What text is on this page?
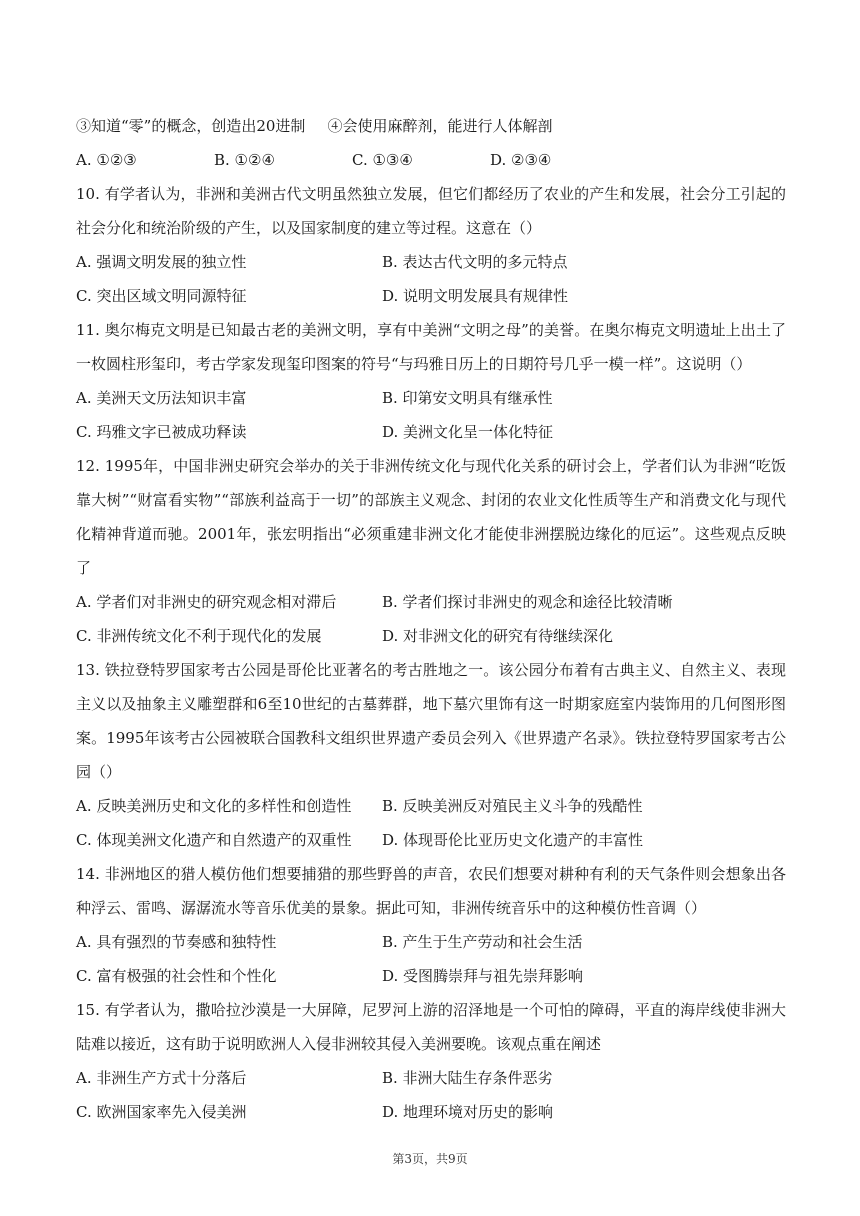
③知道“零”的概念，创造出20进制 ④会使用麻醉剂，能进行人体解剖
A. ①②③	B. ①②④	C. ①③④	D. ②③④
10. 有学者认为，非洲和美洲古代文明虽然独立发展，但它们都经历了农业的产生和发展，社会分工引起的社会分化和统治阶级的产生，以及国家制度的建立等过程。这意在（）
A. 强调文明发展的独立性	B. 表达古代文明的多元特点
C. 突出区域文明同源特征	D. 说明文明发展具有规律性
11. 奥尔梅克文明是已知最古老的美洲文明，享有中美洲“文明之母”的美誉。在奥尔梅克文明遗址上出土了一枚圆柱形玺印，考古学家发现玺印图案的符号“与玛雅日历上的日期符号几乎一模一样”。这说明（）
A. 美洲天文历法知识丰富	B. 印第安文明具有继承性
C. 玛雅文字已被成功释读	D. 美洲文化呈一体化特征
12. 1995年，中国非洲史研究会举办的关于非洲传统文化与现代化关系的研讨会上，学者们认为非洲“吃饭靠大树”“财富看实物”“部族利益高于一切”的部族主义观念、封闭的农业文化性质等生产和消费文化与现代化精神背道而驰。2001年，张宏明指出“必须重建非洲文化才能使非洲摆脱边缘化的厄运”。这些观点反映了
A. 学者们对非洲史的研究观念相对滞后	B. 学者们探讨非洲史的观念和途径比较清晰
C. 非洲传统文化不利于现代化的发展	D. 对非洲文化的研究有待继续深化
13. 铁拉登特罗国家考古公园是哥伦比亚著名的考古胜地之一。该公园分布着有古典主义、自然主义、表现主义以及抽象主义雕塑群和6至10世纪的古墓葬群，地下墓穴里饰有这一时期家庭室内装饰用的几何图形图案。1995年该考古公园被联合国教科文组织世界遗产委员会列入《世界遗产名录》。铁拉登特罗国家考古公园（）
A. 反映美洲历史和文化的多样性和创造性	B. 反映美洲反对殖民主义斗争的残酷性
C. 体现美洲文化遗产和自然遗产的双重性	D. 体现哥伦比亚历史文化遗产的丰富性
14. 非洲地区的猎人模仿他们想要捕猎的那些野兽的声音，农民们想要对耕种有利的天气条件则会想象出各种浮云、雷鸣、潺潺流水等音乐优美的景象。据此可知，非洲传统音乐中的这种模仿性音调（）
A. 具有强烈的节奏感和独特性	B. 产生于生产劳动和社会生活
C. 富有极强的社会性和个性化	D. 受图腾崇拜与祖先崇拜影响
15. 有学者认为，撒哈拉沙漠是一大屏障，尼罗河上游的沼泽地是一个可怕的障碍，平直的海岸线使非洲大陆难以接近，这有助于说明欧洲人入侵非洲较其侵入美洲要晚。该观点重在阐述
A. 非洲生产方式十分落后	B. 非洲大陆生存条件恶劣
C. 欧洲国家率先入侵美洲	D. 地理环境对历史的影响
第3页，共9页
